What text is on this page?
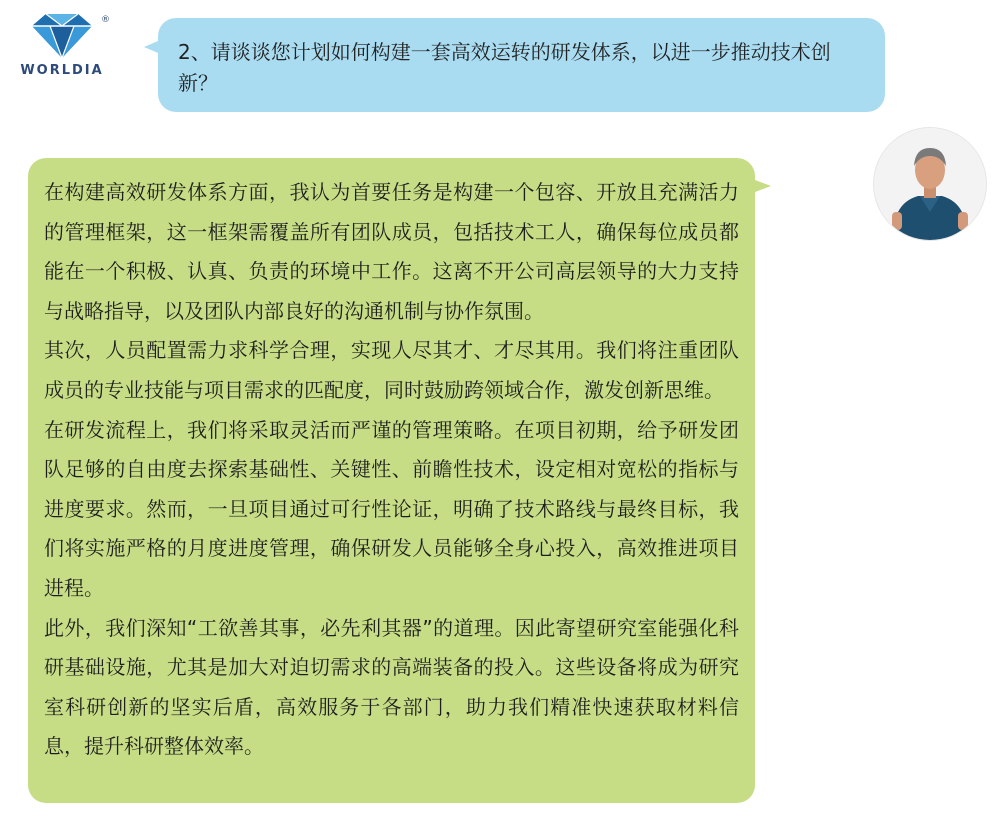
®
WORLDIA
2、请谈谈您计划如何构建一套高效运转的研发体系，以进一步推动技术创新？

在构建高效研发体系方面，我认为首要任务是构建一个包容、开放且充满活力的管理框架，这一框架需覆盖所有团队成员，包括技术工人，确保每位成员都能在一个积极、认真、负责的环境中工作。这离不开公司高层领导的大力支持与战略指导，以及团队内部良好的沟通机制与协作氛围。

其次，人员配置需力求科学合理，实现人尽其才、才尽其用。我们将注重团队成员的专业技能与项目需求的匹配度，同时鼓励跨领域合作，激发创新思维。

在研发流程上，我们将采取灵活而严谨的管理策略。在项目初期，给予研发团队足够的自由度去探索基础性、关键性、前瞻性技术，设定相对宽松的指标与进度要求。然而，一旦项目通过可行性论证，明确了技术路线与最终目标，我们将实施严格的月度进度管理，确保研发人员能够全身心投入，高效推进项目进程。

此外，我们深知“工欲善其事，必先利其器”的道理。因此寄望研究室能强化科研基础设施，尤其是加大对迫切需求的高端装备的投入。这些设备将成为研究室科研创新的坚实后盾，高效服务于各部门，助力我们精准快速获取材料信息，提升科研整体效率。
